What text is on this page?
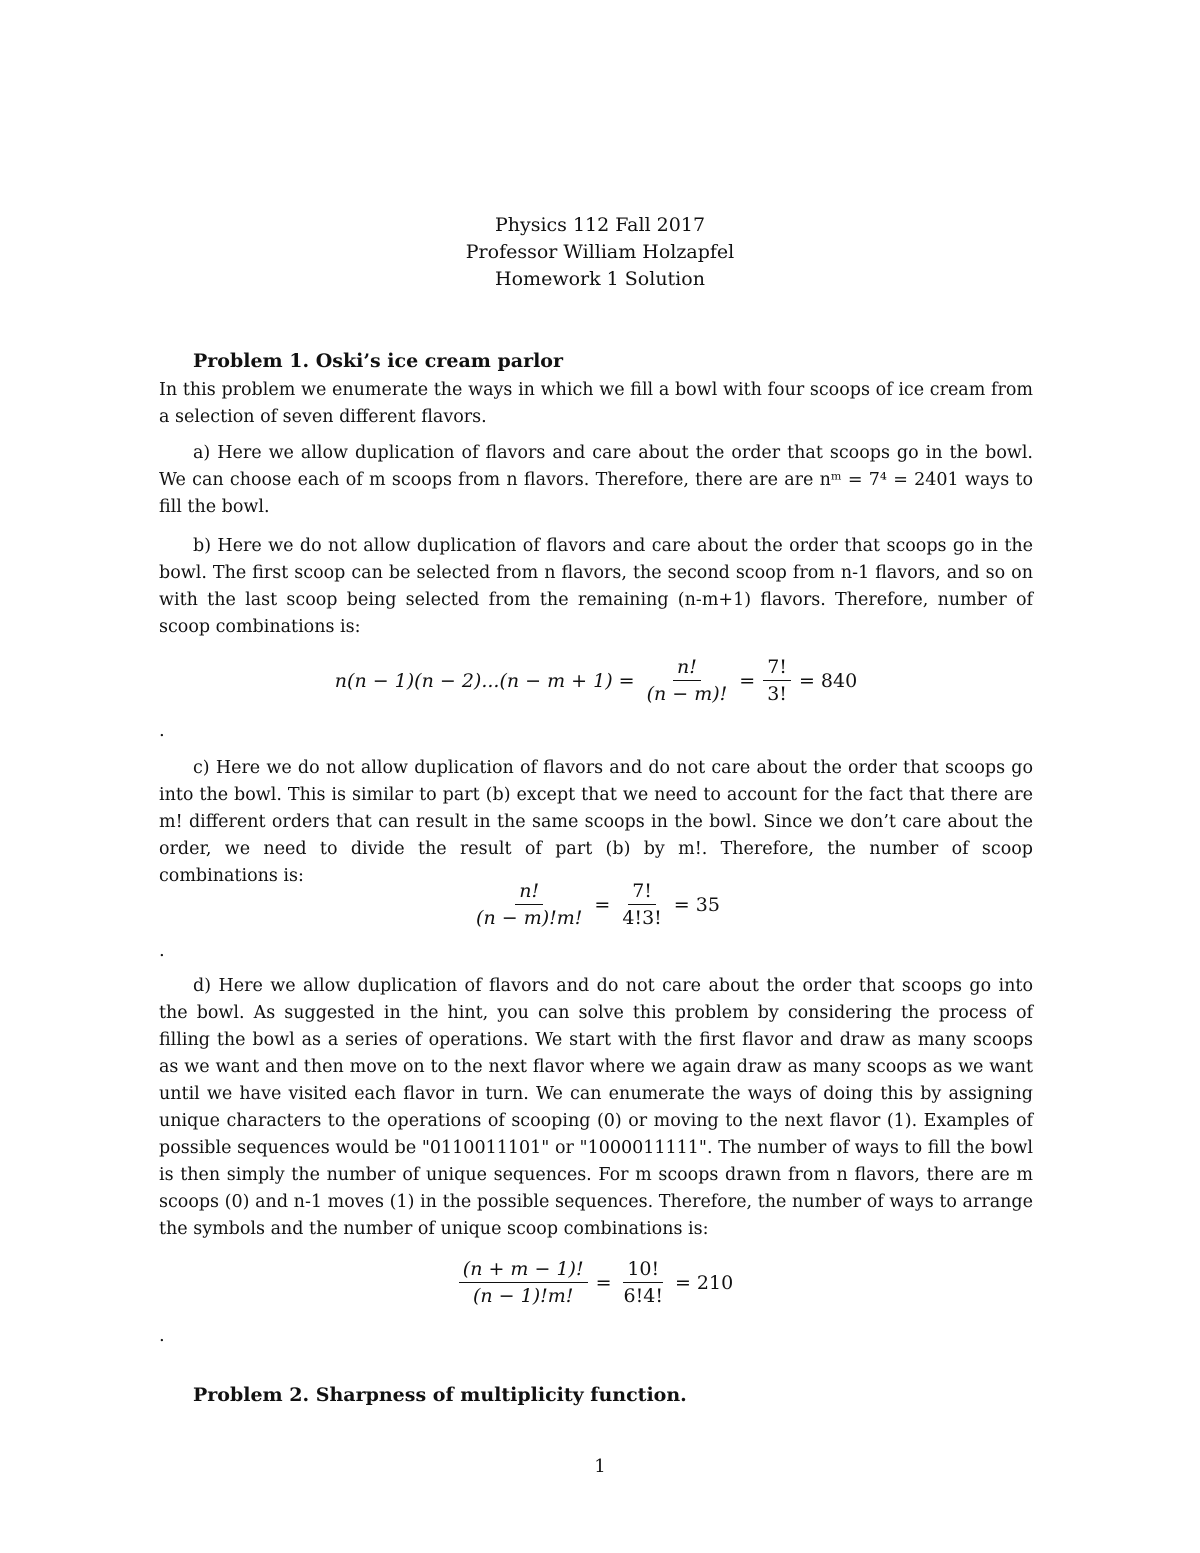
Physics 112 Fall 2017
Professor William Holzapfel
Homework 1 Solution
Problem 1. Oski’s ice cream parlor
In this problem we enumerate the ways in which we fill a bowl with four scoops of ice cream from a selection of seven different flavors.
a) Here we allow duplication of flavors and care about the order that scoops go in the bowl. We can choose each of m scoops from n flavors. Therefore, there are are nᵐ = 7⁴ = 2401 ways to fill the bowl.
b) Here we do not allow duplication of flavors and care about the order that scoops go in the bowl. The first scoop can be selected from n flavors, the second scoop from n-1 flavors, and so on with the last scoop being selected from the remaining (n-m+1) flavors. Therefore, number of scoop combinations is:
$n(n - 1)(n - 2)...(n - m + 1) = \frac{n!}{(n - m)!} = \frac{7!}{3!} = 840$
.
c) Here we do not allow duplication of flavors and do not care about the order that scoops go into the bowl. This is similar to part (b) except that we need to account for the fact that there are m! different orders that can result in the same scoops in the bowl. Since we don’t care about the order, we need to divide the result of part (b) by m!. Therefore, the number of scoop combinations is:
$\frac{n!}{(n - m)!m!} = \frac{7!}{4!3!} = 35$
.
d) Here we allow duplication of flavors and do not care about the order that scoops go into the bowl. As suggested in the hint, you can solve this problem by considering the process of filling the bowl as a series of operations. We start with the first flavor and draw as many scoops as we want and then move on to the next flavor where we again draw as many scoops as we want until we have visited each flavor in turn. We can enumerate the ways of doing this by assigning unique characters to the operations of scooping (0) or moving to the next flavor (1). Examples of possible sequences would be "0110011101" or "1000011111". The number of ways to fill the bowl is then simply the number of unique sequences. For m scoops drawn from n flavors, there are m scoops (0) and n-1 moves (1) in the possible sequences. Therefore, the number of ways to arrange the symbols and the number of unique scoop combinations is:
$\frac{(n + m - 1)!}{(n - 1)!m!} = \frac{10!}{6!4!} = 210$
.
Problem 2. Sharpness of multiplicity function.
1
